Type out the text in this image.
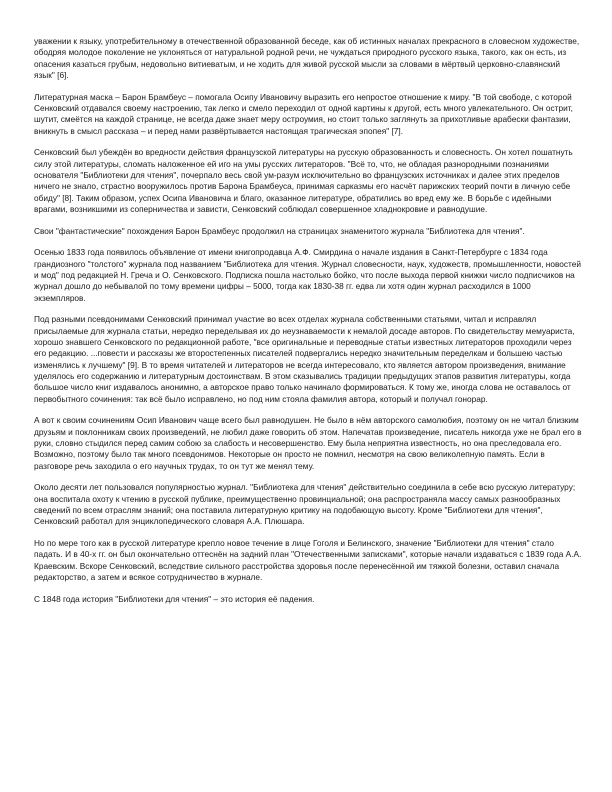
уважении к языку, употребительному в отечественной образованной беседе, как об истинных началах прекрасного в словесном художестве, ободряя молодое поколение не уклоняться от натуральной родной речи, не чуждаться природного русского языка, такого, как он есть, из опасения казаться грубым, недовольно витиеватым, и не ходить для живой русской мысли за словами в мёртвый церковно-славянский язык" [6].

Литературная маска – Барон Брамбеус – помогала Осипу Ивановичу выразить его непростое отношение к миру. "В той свободе, с которой Сенковский отдавался своему настроению, так легко и смело переходил от одной картины к другой, есть много увлекательного. Он острит, шутит, смеётся на каждой странице, не всегда даже знает меру остроумия, но стоит только заглянуть за прихотливые арабески фантазии, вникнуть в смысл рассказа – и перед нами развёртывается настоящая трагическая эпопея" [7].

Сенковский был убеждён во вредности действия французской литературы на русскую образованность и словесность. Он хотел пошатнуть силу этой литературы, сломать наложенное ей иго на умы русских литераторов. "Всё то, что, не обладая разнородными познаниями основателя "Библиотеки для чтения", почерпало весь свой ум-разум исключительно во французских источниках и далее этих пределов ничего не знало, страстно вооружилось против Барона Брамбеуса, принимая сарказмы его насчёт парижских теорий почти в личную себе обиду" [8]. Таким образом, успех Осипа Ивановича и благо, оказанное литературе, обратились во вред ему же. В борьбе с идейными врагами, возникшими из соперничества и зависти, Сенковский соблюдал совершенное хладнокровие и равнодушие.

Свои "фантастические" похождения Барон Брамбеус продолжил на страницах знаменитого журнала "Библиотека для чтения".

Осенью 1833 года появилось объявление от имени книгопродавца А.Ф. Смирдина о начале издания в Санкт-Петербурге с 1834 года грандиозного "толстого" журнала под названием "Библиотека для чтения. Журнал словесности, наук, художеств, промышленности, новостей и мод" под редакцией Н. Греча и О. Сенковского. Подписка пошла настолько бойко, что после выхода первой книжки число подписчиков на журнал дошло до небывалой по тому времени цифры – 5000, тогда как 1830-38 гг. едва ли хотя один журнал расходился в 1000 экземпляров.

Под разными псевдонимами Сенковский принимал участие во всех отделах журнала собственными статьями, читал и исправлял присылаемые для журнала статьи, нередко переделывая их до неузнаваемости к немалой досаде авторов. По свидетельству мемуариста, хорошо знавшего Сенковского по редакционной работе, "все оригинальные и переводные статьи известных литераторов проходили через его редакцию. ...повести и рассказы же второстепенных писателей подвергались нередко значительным переделкам и большею частью изменялись к лучшему" [9]. В то время читателей и литераторов не всегда интересовало, кто является автором произведения, внимание уделялось его содержанию и литературным достоинствам. В этом сказывались традиции предыдущих этапов развития литературы, когда большое число книг издавалось анонимно, а авторское право только начинало формироваться. К тому же, иногда слова не оставалось от первобытного сочинения: так всё было исправлено, но под ним стояла фамилия автора, который и получал гонорар.

А вот к своим сочинениям Осип Иванович чаще всего был равнодушен. Не было в нём авторского самолюбия, поэтому он не читал близким друзьям и поклонникам своих произведений, не любил даже говорить об этом. Напечатав произведение, писатель никогда уже не брал его в руки, словно стыдился перед самим собою за слабость и несовершенство. Ему была неприятна известность, но она преследовала его. Возможно, поэтому было так много псевдонимов. Некоторые он просто не помнил, несмотря на свою великолепную память. Если в разговоре речь заходила о его научных трудах, то он тут же менял тему.

Около десяти лет пользовался популярностью журнал. "Библиотека для чтения" действительно соединила в себе всю русскую литературу; она воспитала охоту к чтению в русской публике, преимущественно провинциальной; она распространяла массу самых разнообразных сведений по всем отраслям знаний; она поставила литературную критику на подобающую высоту. Кроме "Библиотеки для чтения", Сенковский работал для энциклопедического словаря А.А. Плюшара.

Но по мере того как в русской литературе крепло новое течение в лице Гоголя и Белинского, значение "Библиотеки для чтения" стало падать. И в 40-х гг. он был окончательно оттеснён на задний план "Отечественными записками", которые начали издаваться с 1839 года А.А. Краевским. Вскоре Сенковский, вследствие сильного расстройства здоровья после перенесённой им тяжкой болезни, оставил сначала редакторство, а затем и всякое сотрудничество в журнале.

С 1848 года история "Библиотеки для чтения" – это история её падения.
